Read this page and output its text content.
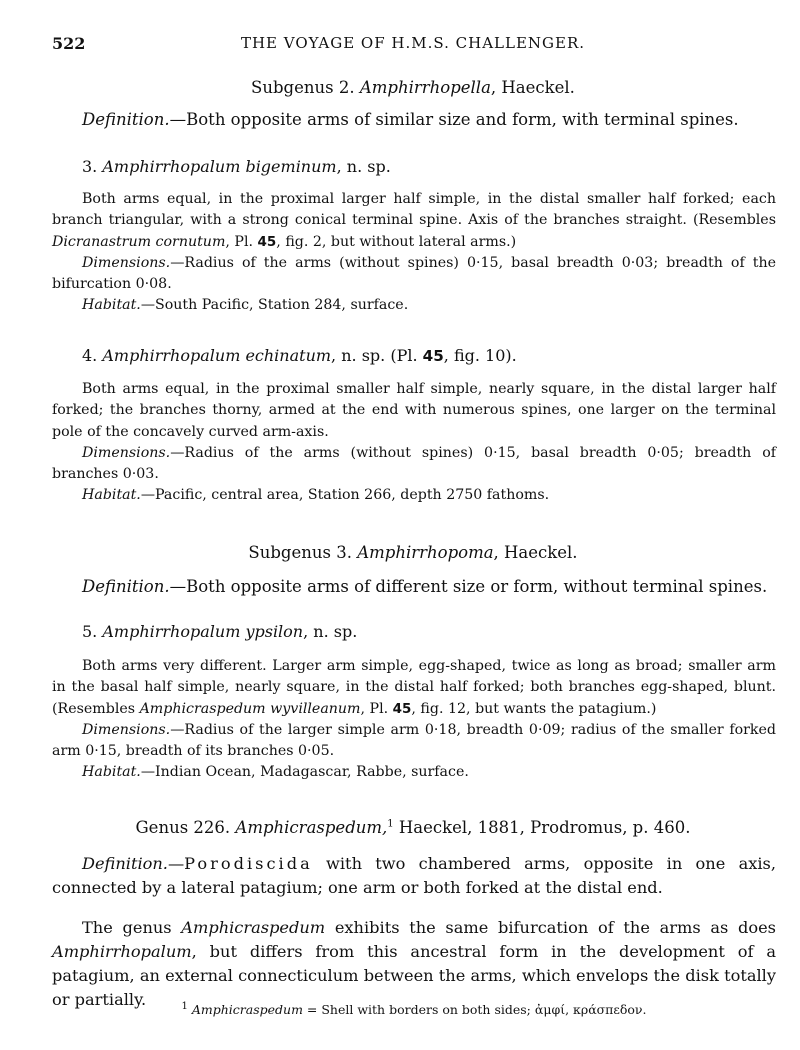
522	THE VOYAGE OF H.M.S. CHALLENGER.
Subgenus 2. Amphirrhopella, Haeckel.
Definition.—Both opposite arms of similar size and form, with terminal spines.
3. Amphirrhopalum bigeminum, n. sp.

Both arms equal, in the proximal larger half simple, in the distal smaller half forked; each branch triangular, with a strong conical terminal spine. Axis of the branches straight. (Resembles Dicranastrum cornutum, Pl. 45, fig. 2, but without lateral arms.)

Dimensions.—Radius of the arms (without spines) 0·15, basal breadth 0·03; breadth of the bifurcation 0·08.

Habitat.—South Pacific, Station 284, surface.

4. Amphirrhopalum echinatum, n. sp. (Pl. 45, fig. 10).

Both arms equal, in the proximal smaller half simple, nearly square, in the distal larger half forked; the branches thorny, armed at the end with numerous spines, one larger on the terminal pole of the concavely curved arm-axis.

Dimensions.—Radius of the arms (without spines) 0·15, basal breadth 0·05; breadth of branches 0·03.

Habitat.—Pacific, central area, Station 266, depth 2750 fathoms.

Subgenus 3. Amphirrhopoma, Haeckel.
Definition.—Both opposite arms of different size or form, without terminal spines.
5. Amphirrhopalum ypsilon, n. sp.

Both arms very different. Larger arm simple, egg-shaped, twice as long as broad; smaller arm in the basal half simple, nearly square, in the distal half forked; both branches egg-shaped, blunt. (Resembles Amphicraspedum wyvilleanum, Pl. 45, fig. 12, but wants the patagium.)

Dimensions.—Radius of the larger simple arm 0·18, breadth 0·09; radius of the smaller forked arm 0·15, breadth of its branches 0·05.

Habitat.—Indian Ocean, Madagascar, Rabbe, surface.

Genus 226. Amphicraspedum,$^1$ Haeckel, 1881, Prodromus, p. 460.

Definition.—Porodiscida with two chambered arms, opposite in one axis, connected by a lateral patagium; one arm or both forked at the distal end.

The genus Amphicraspedum exhibits the same bifurcation of the arms as does Amphirrhopalum, but differs from this ancestral form in the development of a patagium, an external connecticulum between the arms, which envelops the disk totally or partially.	$^1$ Amphicraspedum = Shell with borders on both sides; ἀμφί, κράσπεδον.
